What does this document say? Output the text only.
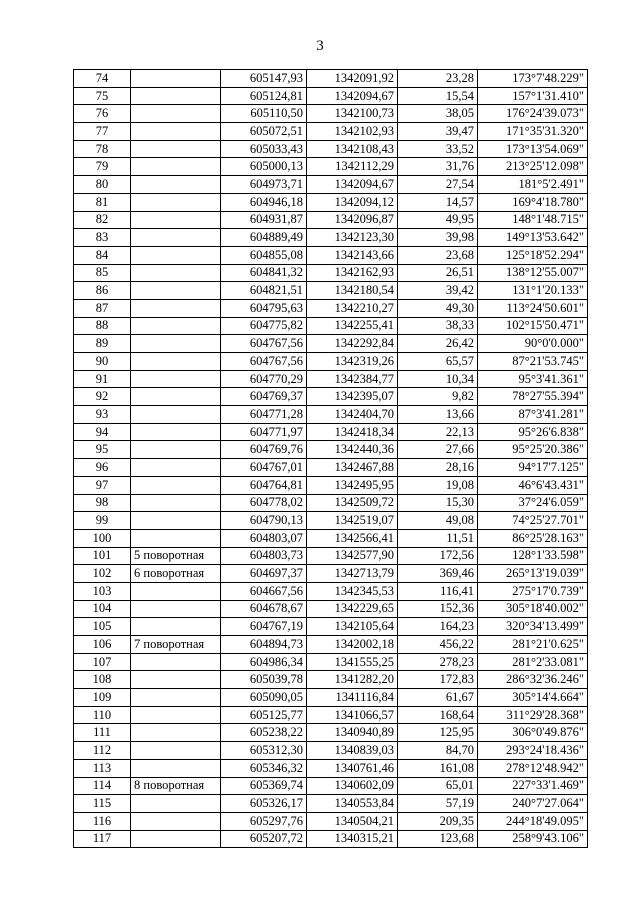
3
74		605147,93	1342091,92	23,28	173°7'48.229"
75		605124,81	1342094,67	15,54	157°1'31.410"
76		605110,50	1342100,73	38,05	176°24'39.073"
77		605072,51	1342102,93	39,47	171°35'31.320"
78		605033,43	1342108,43	33,52	173°13'54.069"
79		605000,13	1342112,29	31,76	213°25'12.098"
80		604973,71	1342094,67	27,54	181°5'2.491"
81		604946,18	1342094,12	14,57	169°4'18.780"
82		604931,87	1342096,87	49,95	148°1'48.715"
83		604889,49	1342123,30	39,98	149°13'53.642"
84		604855,08	1342143,66	23,68	125°18'52.294"
85		604841,32	1342162,93	26,51	138°12'55.007"
86		604821,51	1342180,54	39,42	131°1'20.133"
87		604795,63	1342210,27	49,30	113°24'50.601"
88		604775,82	1342255,41	38,33	102°15'50.471"
89		604767,56	1342292,84	26,42	90°0'0.000"
90		604767,56	1342319,26	65,57	87°21'53.745"
91		604770,29	1342384,77	10,34	95°3'41.361"
92		604769,37	1342395,07	9,82	78°27'55.394"
93		604771,28	1342404,70	13,66	87°3'41.281"
94		604771,97	1342418,34	22,13	95°26'6.838"
95		604769,76	1342440,36	27,66	95°25'20.386"
96		604767,01	1342467,88	28,16	94°17'7.125"
97		604764,81	1342495,95	19,08	46°6'43.431"
98		604778,02	1342509,72	15,30	37°24'6.059"
99		604790,13	1342519,07	49,08	74°25'27.701"
100		604803,07	1342566,41	11,51	86°25'28.163"
101	5 поворотная	604803,73	1342577,90	172,56	128°1'33.598"
102	6 поворотная	604697,37	1342713,79	369,46	265°13'19.039"
103		604667,56	1342345,53	116,41	275°17'0.739"
104		604678,67	1342229,65	152,36	305°18'40.002"
105		604767,19	1342105,64	164,23	320°34'13.499"
106	7 поворотная	604894,73	1342002,18	456,22	281°21'0.625"
107		604986,34	1341555,25	278,23	281°2'33.081"
108		605039,78	1341282,20	172,83	286°32'36.246"
109		605090,05	1341116,84	61,67	305°14'4.664"
110		605125,77	1341066,57	168,64	311°29'28.368"
111		605238,22	1340940,89	125,95	306°0'49.876"
112		605312,30	1340839,03	84,70	293°24'18.436"
113		605346,32	1340761,46	161,08	278°12'48.942"
114	8 поворотная	605369,74	1340602,09	65,01	227°33'1.469"
115		605326,17	1340553,84	57,19	240°7'27.064"
116		605297,76	1340504,21	209,35	244°18'49.095"
117		605207,72	1340315,21	123,68	258°9'43.106"
